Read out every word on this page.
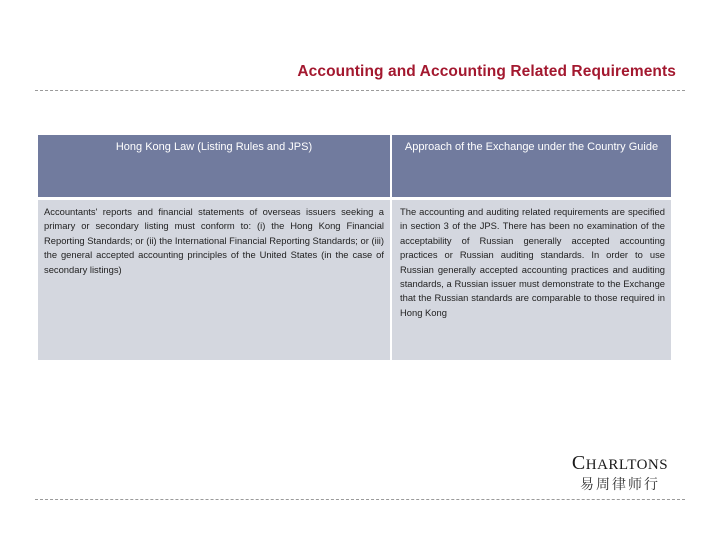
Accounting and Accounting Related Requirements
Hong Kong Law (Listing Rules and JPS)	Approach of the Exchange under the Country Guide
Accountants' reports and financial statements of overseas issuers seeking a primary or secondary listing must conform to: (i) the Hong Kong Financial Reporting Standards; or (ii) the International Financial Reporting Standards; or (iii) the general accepted accounting principles of the United States (in the case of secondary listings)
The accounting and auditing related requirements are specified in section 3 of the JPS. There has been no examination of the acceptability of Russian generally accepted accounting practices or Russian auditing standards. In order to use Russian generally accepted accounting practices and auditing standards, a Russian issuer must demonstrate to the Exchange that the Russian standards are comparable to those required in Hong Kong
CHARLTONS
易周律师行
